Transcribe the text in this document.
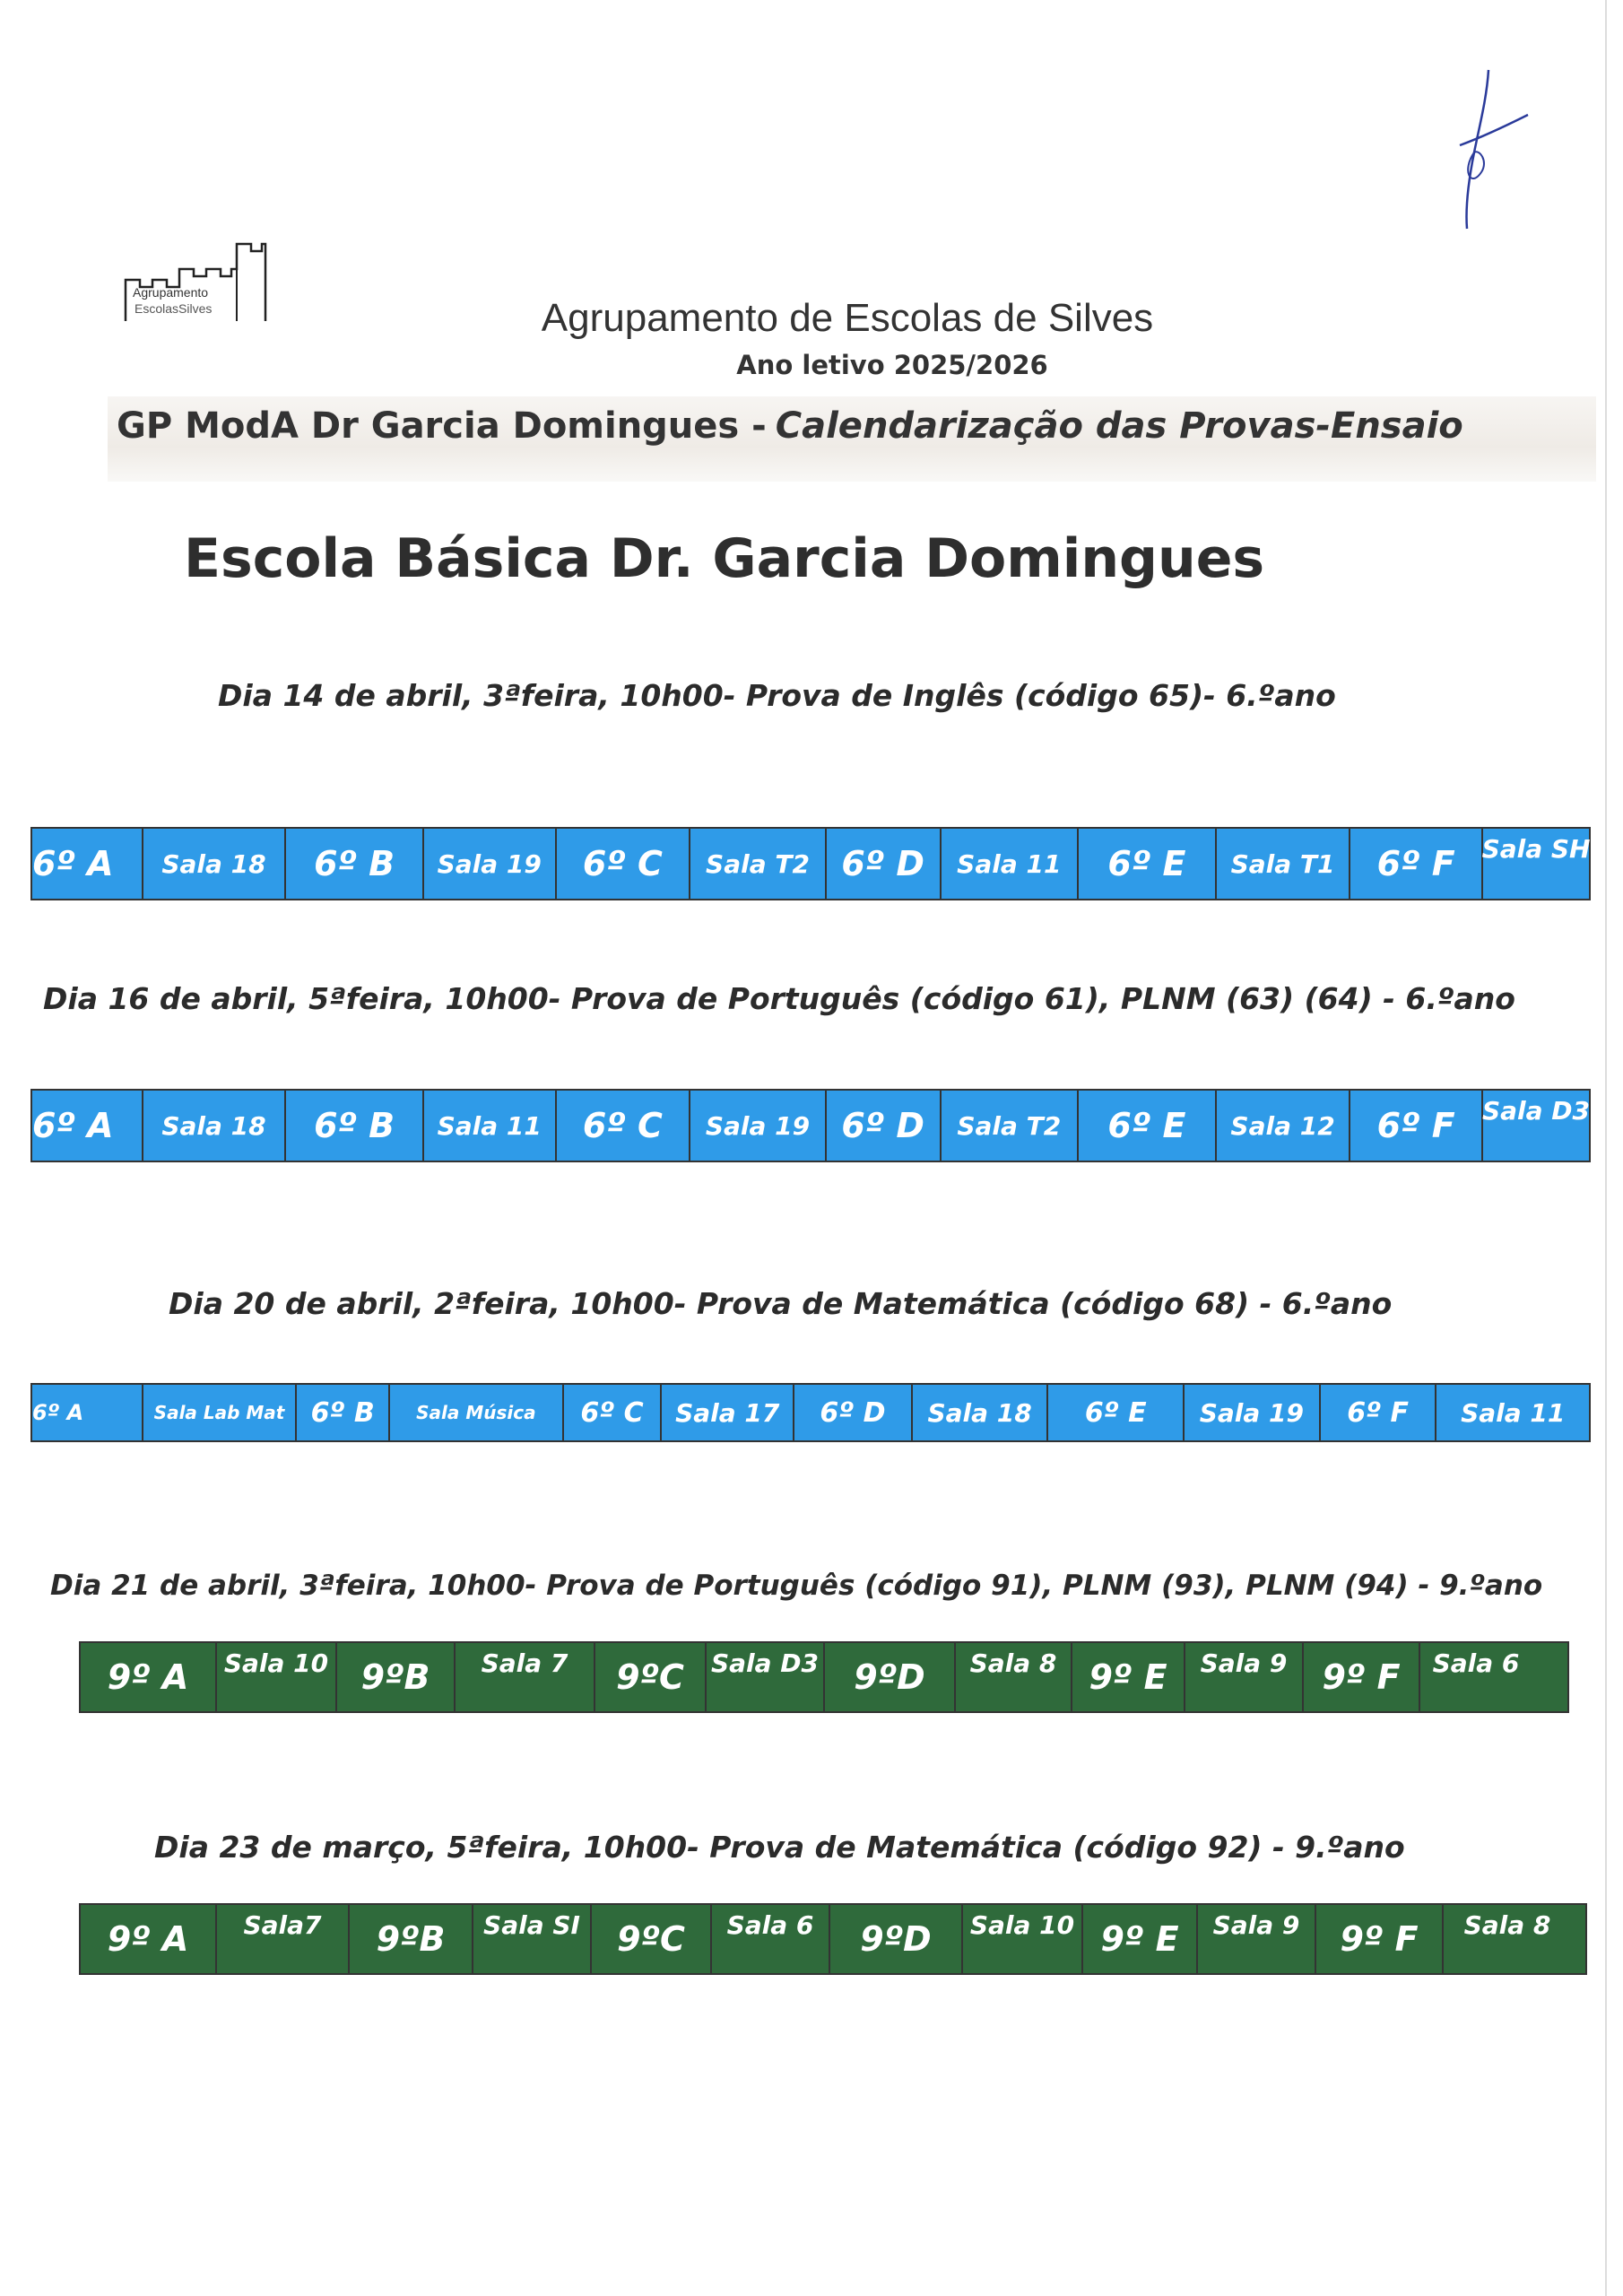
Agrupamento
EscolasSilves	Agrupamento de Escolas de Silves
Ano letivo 2025/2026
GP ModA Dr Garcia Domingues - Calendarização das Provas-Ensaio
Escola Básica Dr. Garcia Domingues
Dia 14 de abril, 3ªfeira, 10h00- Prova de Inglês (código 65)- 6.ºano
6º A	Sala 18	6º B	Sala 19	6º C	Sala T2 6º D	Sala 11	6º E	Sala T1	6º F	Sala SH
Dia 16 de abril, 5ªfeira, 10h00- Prova de Português (código 61), PLNM (63) (64) - 6.ºano
6º A	Sala 18	6º B	Sala 11	6º C	Sala 19 6º D	Sala T2	6º E	Sala 12	6º F	Sala D3
Dia 20 de abril, 2ªfeira, 10h00- Prova de Matemática (código 68) - 6.ºano
6º A	Sala Lab Mat 6º B	Sala Música	6º C	Sala 17	6º D	Sala 18	6º E	Sala 19	6º F	Sala 11
Dia 21 de abril, 3ªfeira, 10h00- Prova de Português (código 91), PLNM (93), PLNM (94) - 9.ºano
9º A	Sala 10 9ºB	Sala 7	9ºC	Sala D3	9ºD	Sala 8 9º E	Sala 9	9º F	Sala 6
Dia 23 de março, 5ªfeira, 10h00- Prova de Matemática (código 92) - 9.ºano
9º A	Sala7	9ºB	Sala SI	9ºC	Sala 6	9ºD	Sala 10 9º E	Sala 9	9º F	Sala 8
